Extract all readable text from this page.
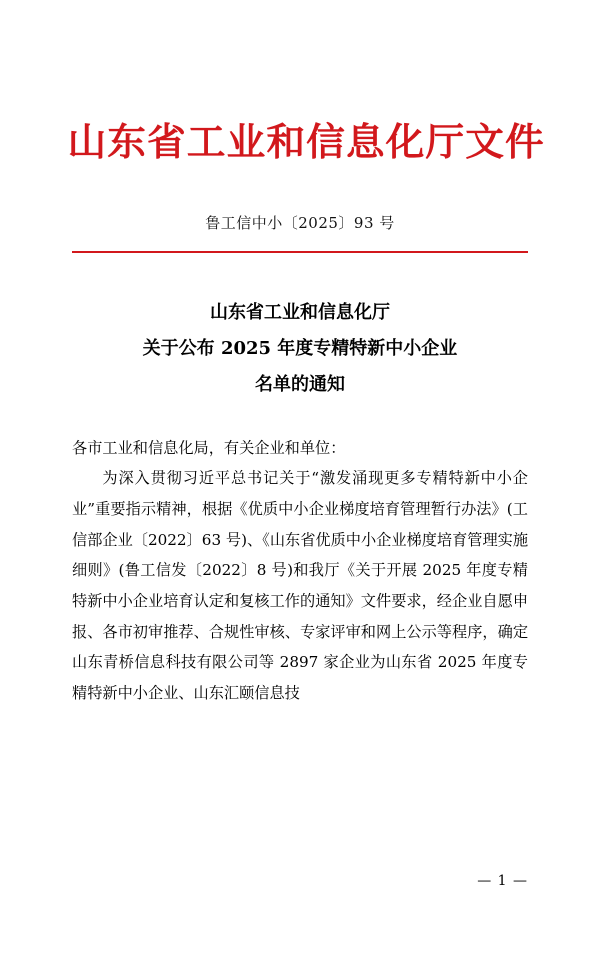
山东省工业和信息化厅文件
鲁工信中小〔2025〕93 号
山东省工业和信息化厅
关于公布 2025 年度专精特新中小企业
名单的通知

各市工业和信息化局，有关企业和单位：

为深入贯彻习近平总书记关于“激发涌现更多专精特新中小企业”重要指示精神，根据《优质中小企业梯度培育管理暂行办法》(工信部企业〔2022〕63 号)、《山东省优质中小企业梯度培育管理实施细则》(鲁工信发〔2022〕8 号)和我厅《关于开展 2025 年度专精特新中小企业培育认定和复核工作的通知》文件要求，经企业自愿申报、各市初审推荐、合规性审核、专家评审和网上公示等程序，确定山东青桥信息科技有限公司等 2897 家企业为山东省 2025 年度专精特新中小企业、山东汇颐信息技

— 1 —
